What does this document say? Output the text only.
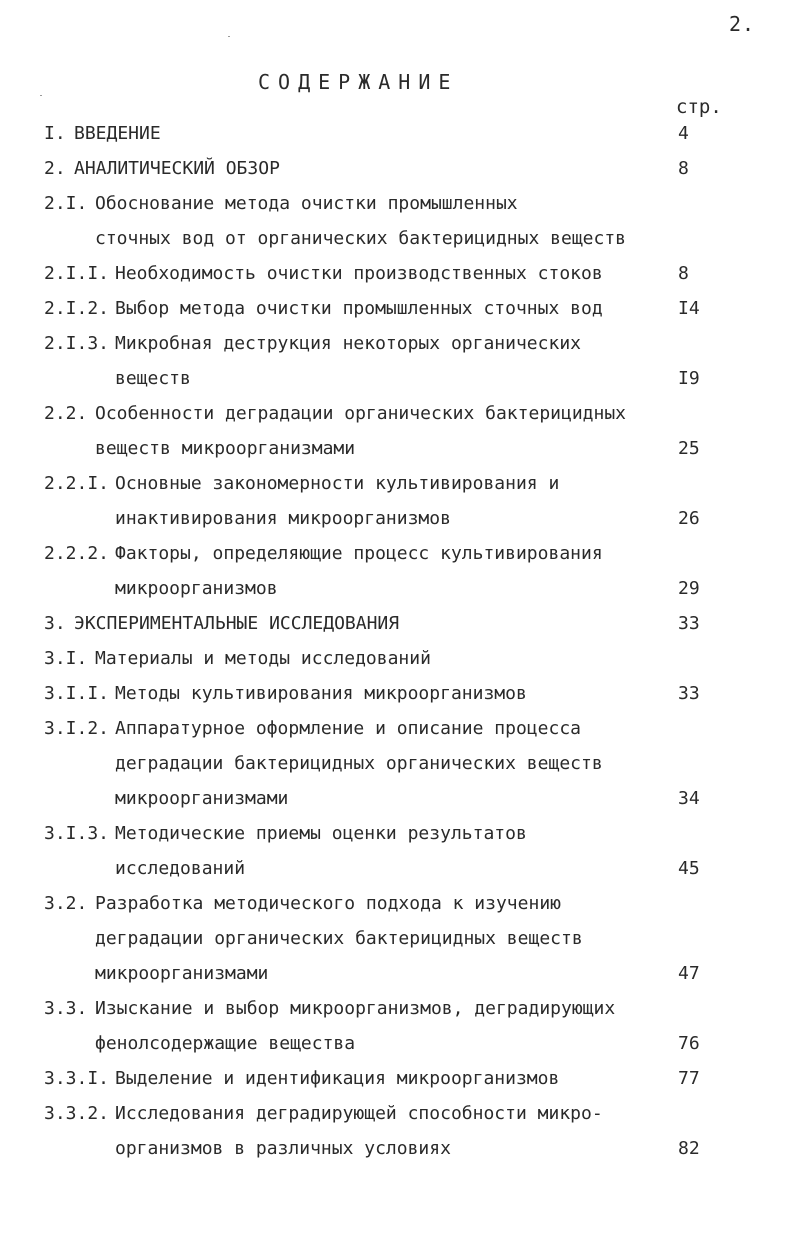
2.
СОДЕРЖАНИЕ
стр.
I. ВВЕДЕНИЕ	4
2. АНАЛИТИЧЕСКИЙ ОБЗОР	8
2.I. Обоснование метода очистки промышленных
сточных вод от органических бактерицидных веществ
2.I.I. Необходимость очистки производственных стоков	8
2.I.2. Выбор метода очистки промышленных сточных вод	I4
2.I.3. Микробная деструкция некоторых органических
веществ	I9
2.2. Особенности деградации органических бактерицидных
веществ микроорганизмами	25
2.2.I. Основные закономерности культивирования и
инактивирования микроорганизмов	26
2.2.2. Факторы, определяющие процесс культивирования
микроорганизмов	29
3. ЭКСПЕРИМЕНТАЛЬНЫЕ ИССЛЕДОВАНИЯ	33
3.I. Материалы и методы исследований
3.I.I. Методы культивирования микроорганизмов	33
3.I.2. Аппаратурное оформление и описание процесса
деградации бактерицидных органических веществ
микроорганизмами	34
3.I.3. Методические приемы оценки результатов
исследований	45
3.2. Разработка методического подхода к изучению
деградации органических бактерицидных веществ
микроорганизмами	47
3.3. Изыскание и выбор микроорганизмов, деградирующих
фенолсодержащие вещества	76
3.3.I. Выделение и идентификация микроорганизмов	77
3.3.2. Исследования деградирующей способности микро-
организмов в различных условиях	82
